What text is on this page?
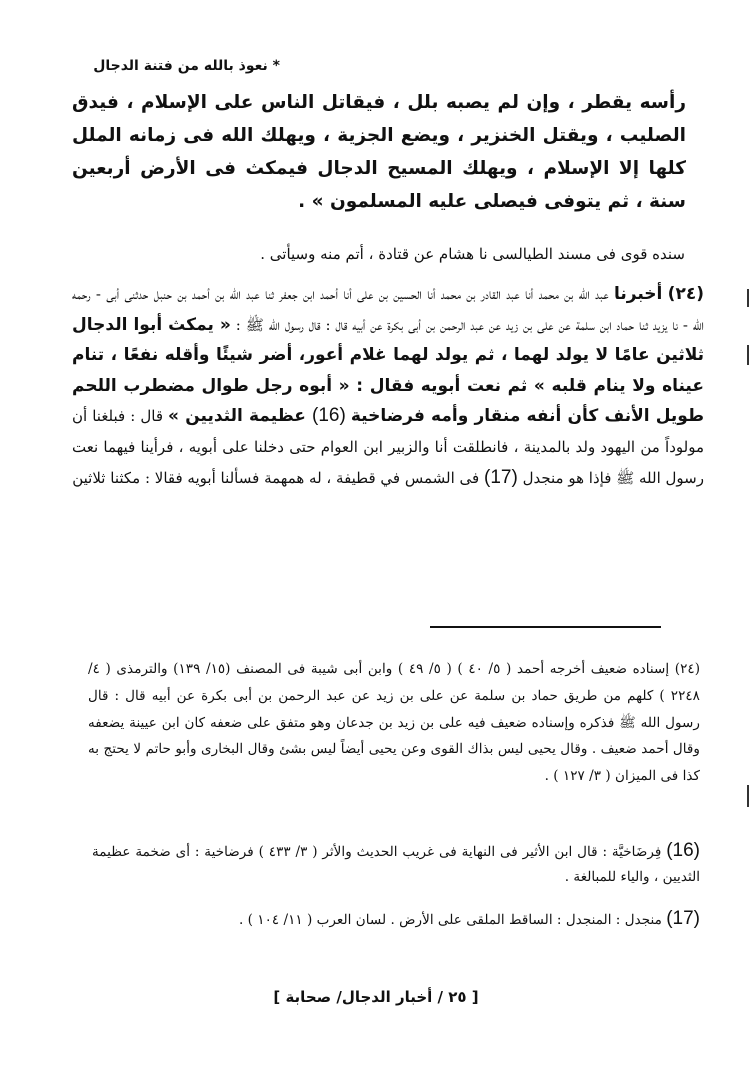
* نعوذ بالله من فتنة الدجال
رأسه يقطر ، وإن لم يصبه بلل ، فيقاتل الناس على الإسلام ، فيدق الصليب ، ويقتل الخنزير ، ويضع الجزية ، ويهلك الله فى زمانه الملل كلها إلا الإسلام ، ويهلك المسيح الدجال فيمكث فى الأرض أربعين سنة ، ثم يتوفى فيصلى عليه المسلمون » .
سنده قوى فى مسند الطيالسى نا هشام عن قتادة ، أتم منه وسيأتى .
(٢٤) أخبرنا عبد الله بن محمد أنا عبد القادر بن محمد أنا الحسين بن على أنا أحمد ابن جعفر ثنا عبد الله بن أحمد بن حنبل حدثنى أبى - رحمه الله - نا يزيد ثنا حماد ابن سلمة عن على بن زيد عن عبد الرحمن بن أبى بكرة عن أبيه قال : قال رسول الله ﷺ : « يمكث أبوا الدجال ثلاثين عامًا لا يولد لهما ، ثم يولد لهما غلام أعور، أضر شيئًا وأقله نفعًا ، تنام عيناه ولا ينام قلبه » ثم نعت أبويه فقال : « أبوه رجل طوال مضطرب اللحم طويل الأنف كأن أنفه منقار وأمه فرضاخية (16) عظيمة الثديين » قال : فبلغنا أن مولوداً من اليهود ولد بالمدينة ، فانطلقت أنا والزبير ابن العوام حتى دخلنا على أبويه ، فرأينا فيهما نعت رسول الله ﷺ فإذا هو منجدل (17) فى الشمس في قطيفة ، له همهمة فسألنا أبويه فقالا : مكثنا ثلاثين
(٢٤) إسناده ضعيف أخرجه أحمد ( ٥/ ٤٠ ) ( ٥/ ٤٩ ) وابن أبى شيبة فى المصنف (١٥/ ١٣٩) والترمذى ( ٤/ ٢٢٤٨ ) كلهم من طريق حماد بن سلمة عن على بن زيد عن عبد الرحمن بن أبى بكرة عن أبيه قال : قال رسول الله ﷺ فذكره وإسناده ضعيف فيه على بن زيد بن جدعان وهو متفق على ضعفه كان ابن عيينة يضعفه وقال أحمد ضعيف . وقال يحيى ليس بذاك القوى وعن يحيى أيضاً ليس بشئ وقال البخارى وأبو حاتم لا يحتج به كذا فى الميزان ( ٣/ ١٢٧ ) .
(16) فِرضَاخيَّة : قال ابن الأثير فى النهاية فى غريب الحديث والأثر ( ٣/ ٤٣٣ ) فرضاخية : أى ضخمة عظيمة الثديين ، والياء للمبالغة .
(17) منجدل : المنجدل : الساقط الملقى على الأرض . لسان العرب ( ١١/ ١٠٤ ) .
[ ٢٥ / أخبار الدجال/ صحابة ]
